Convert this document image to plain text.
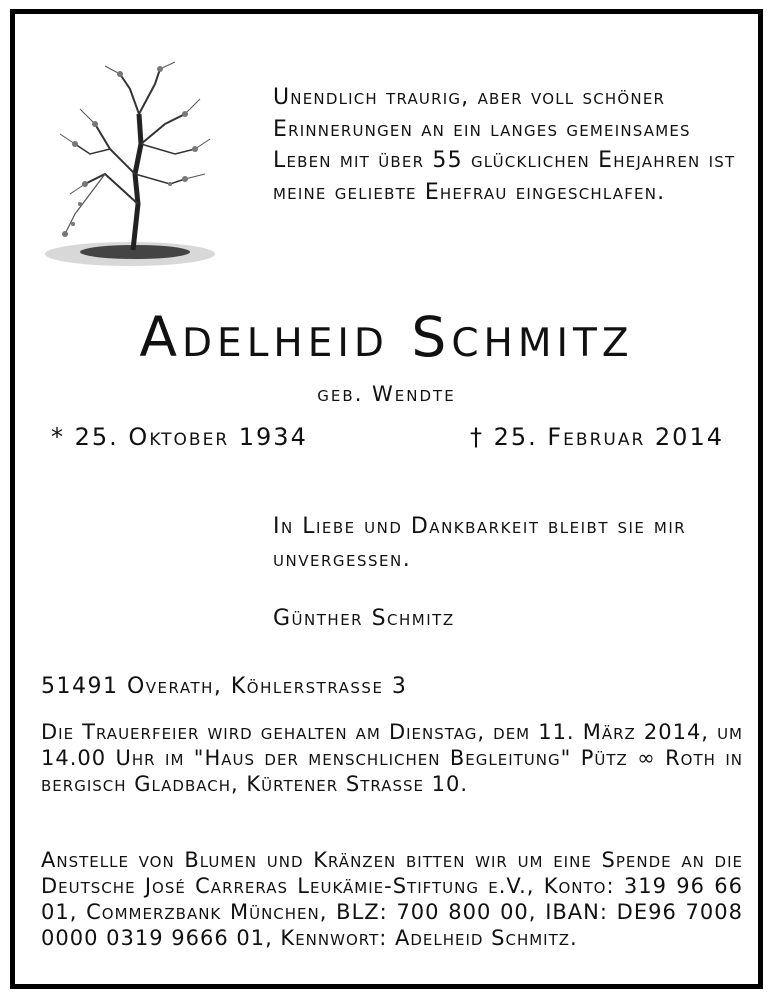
Unendlich traurig, aber voll schöner Erinnerungen an ein langes gemeinsames Leben mit über 55 glücklichen Ehejahren ist meine geliebte Ehefrau eingeschlafen.
Adelheid Schmitz
geb. Wendte
* 25. Oktober 1934	† 25. Februar 2014
In Liebe und Dankbarkeit bleibt sie mir unvergessen.
Günther Schmitz
51491 Overath, Köhlerstrasse 3
Die Trauerfeier wird gehalten am Dienstag, dem 11. März 2014, um 14.00 Uhr im "Haus der menschlichen Begleitung" Pütz ∞ Roth in bergisch Gladbach, Kürtener Strasse 10.
Anstelle von Blumen und Kränzen bitten wir um eine Spende an die Deutsche José Carreras Leukämie-Stiftung e.V., Konto: 319 96 66 01, Commerzbank München, BLZ: 700 800 00, IBAN: DE96 7008 0000 0319 9666 01, Kennwort: Adelheid Schmitz.
